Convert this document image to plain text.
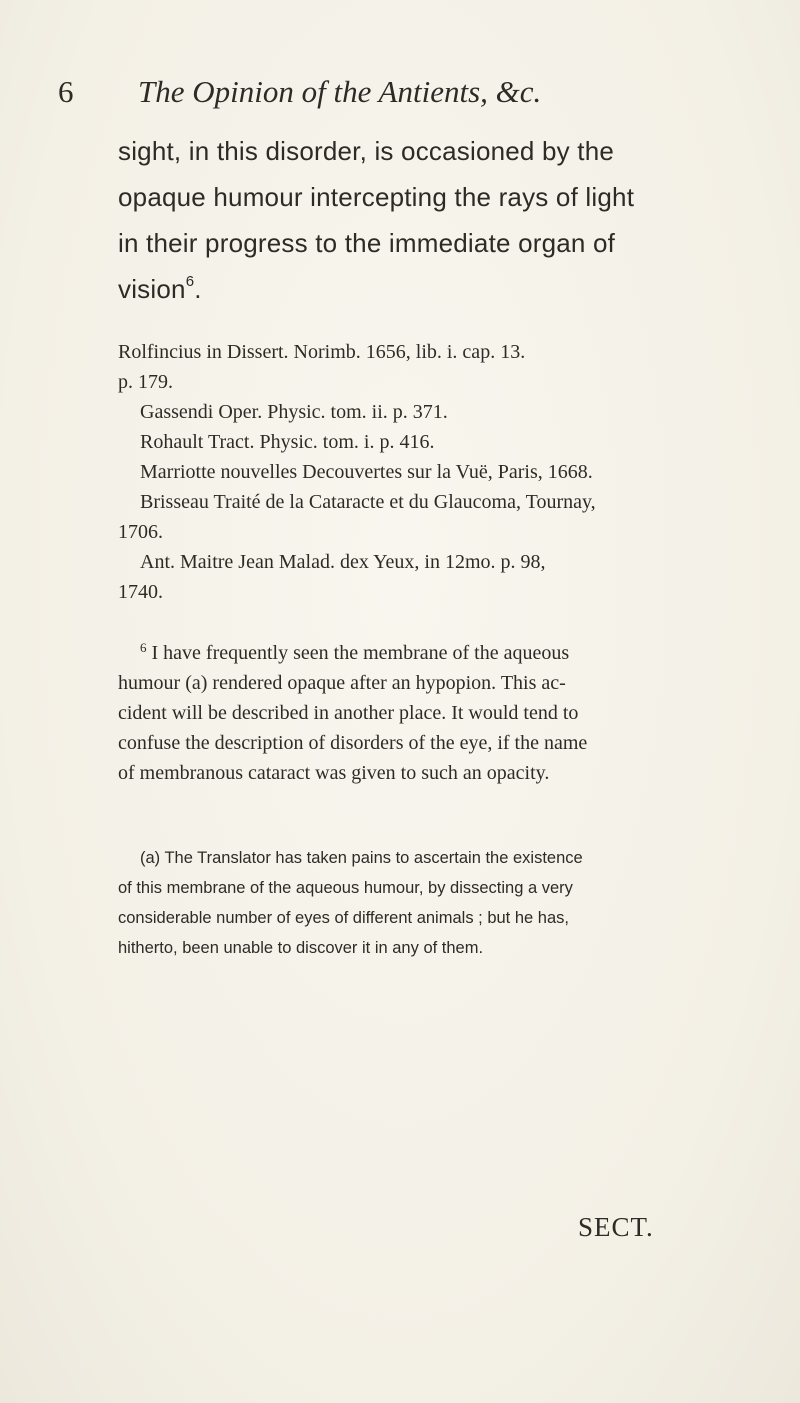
6 The Opinion of the Antients, &c.
sight, in this disorder, is occasioned by the
opaque humour intercepting the rays of light
in their progress to the immediate organ of
vision$^6$.
Rolfincius in Dissert. Norimb. 1656, lib. i. cap. 13.
p. 179.
Gassendi Oper. Physic. tom. ii. p. 371.
Rohault Tract. Physic. tom. i. p. 416.
Marriotte nouvelles Decouvertes sur la Vuë, Paris, 1668.
Brisseau Traité de la Cataracte et du Glaucoma, Tournay,
1706.
Ant. Maitre Jean Malad. dex Yeux, in 12mo. p. 98,
1740.
$^6$ I have frequently seen the membrane of the aqueous
humour (a) rendered opaque after an hypopion. This ac-
cident will be described in another place. It would tend to
confuse the description of disorders of the eye, if the name
of membranous cataract was given to such an opacity.
(a) The Translator has taken pains to ascertain the existence
of this membrane of the aqueous humour, by dissecting a very
considerable number of eyes of different animals ; but he has,
hitherto, been unable to discover it in any of them.
SECT.
